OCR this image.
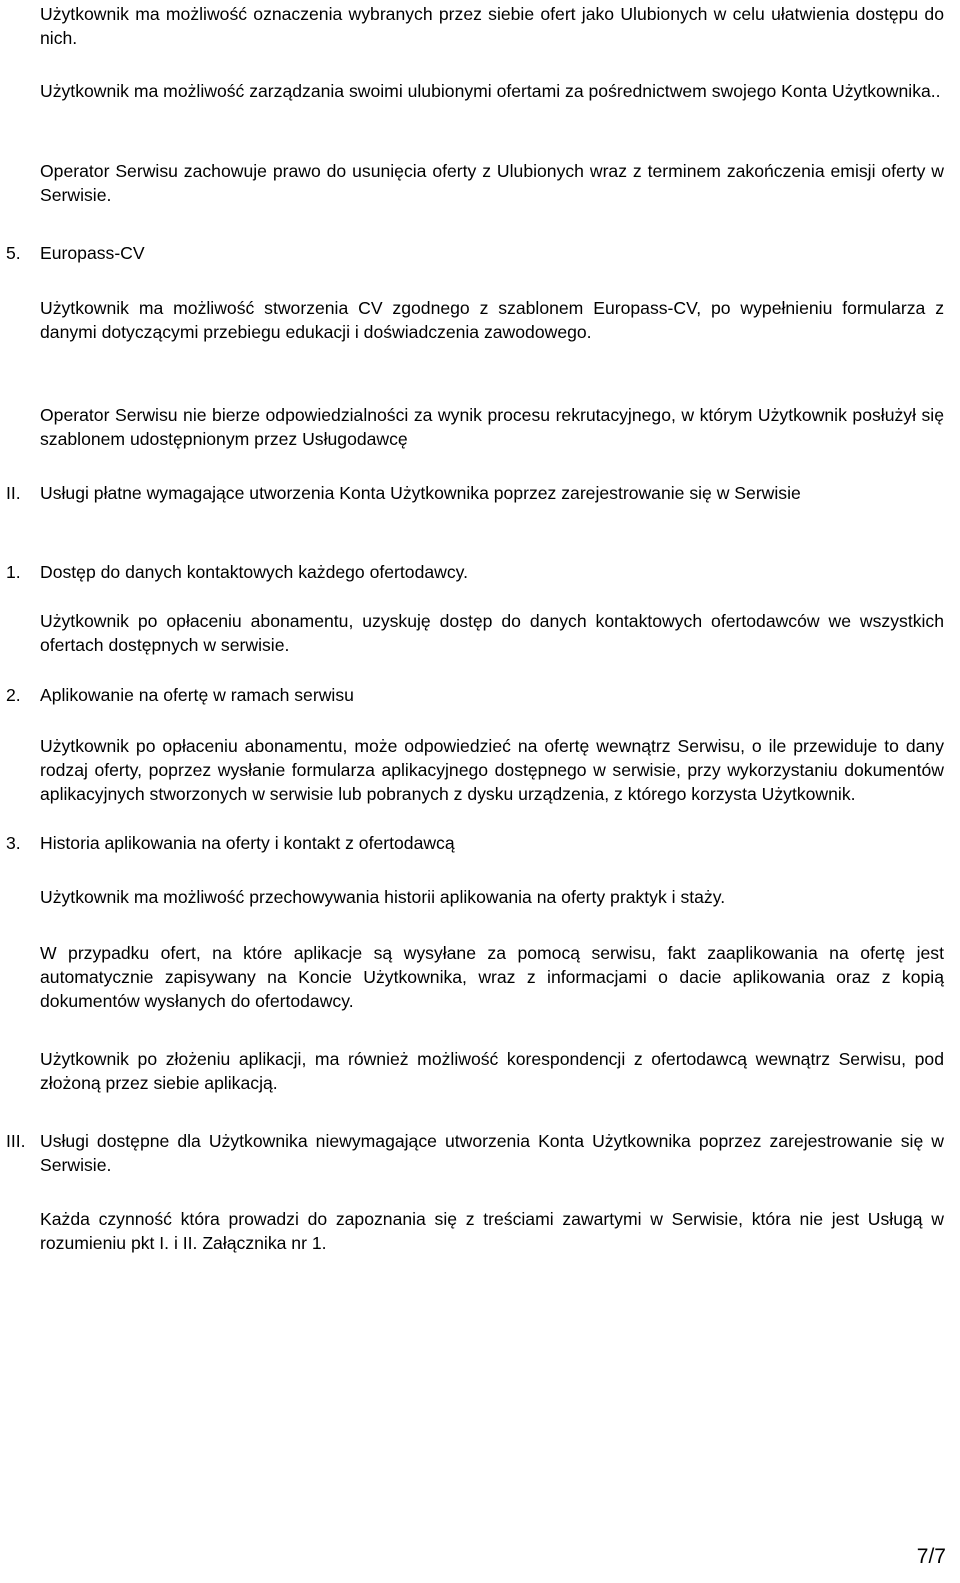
Użytkownik ma możliwość oznaczenia wybranych przez siebie ofert jako Ulubionych w celu ułatwienia dostępu do nich.

Użytkownik ma możliwość zarządzania swoimi ulubionymi ofertami za pośrednictwem swojego Konta Użytkownika..

Operator Serwisu zachowuje prawo do usunięcia oferty z Ulubionych wraz z terminem zakończenia emisji oferty w Serwisie.

5. Europass-CV

Użytkownik ma możliwość stworzenia CV zgodnego z szablonem Europass-CV, po wypełnieniu formularza z danymi dotyczącymi przebiegu edukacji i doświadczenia zawodowego.

Operator Serwisu nie bierze odpowiedzialności za wynik procesu rekrutacyjnego, w którym Użytkownik posłużył się szablonem udostępnionym przez Usługodawcę

II. Usługi płatne wymagające utworzenia Konta Użytkownika poprzez zarejestrowanie się w Serwisie
1. Dostęp do danych kontaktowych każdego ofertodawcy.

Użytkownik po opłaceniu abonamentu, uzyskuję dostęp do danych kontaktowych ofertodawców we wszystkich ofertach dostępnych w serwisie.

2. Aplikowanie na ofertę w ramach serwisu

Użytkownik po opłaceniu abonamentu, może odpowiedzieć na ofertę wewnątrz Serwisu, o ile przewiduje to dany rodzaj oferty, poprzez wysłanie formularza aplikacyjnego dostępnego w serwisie, przy wykorzystaniu dokumentów aplikacyjnych stworzonych w serwisie lub pobranych z dysku urządzenia, z którego korzysta Użytkownik.

3. Historia aplikowania na oferty i kontakt z ofertodawcą

Użytkownik ma możliwość przechowywania historii aplikowania na oferty praktyk i staży.

W przypadku ofert, na które aplikacje są wysyłane za pomocą serwisu, fakt zaaplikowania na ofertę jest automatycznie zapisywany na Koncie Użytkownika, wraz z informacjami o dacie aplikowania oraz z kopią dokumentów wysłanych do ofertodawcy.

Użytkownik po złożeniu aplikacji, ma również możliwość korespondencji z ofertodawcą wewnątrz Serwisu, pod złożoną przez siebie aplikacją.

III. Usługi dostępne dla Użytkownika niewymagające utworzenia Konta Użytkownika poprzez zarejestrowanie się w Serwisie.

Każda czynność która prowadzi do zapoznania się z treściami zawartymi w Serwisie, która nie jest Usługą w rozumieniu pkt I. i II. Załącznika nr 1.

7/7
